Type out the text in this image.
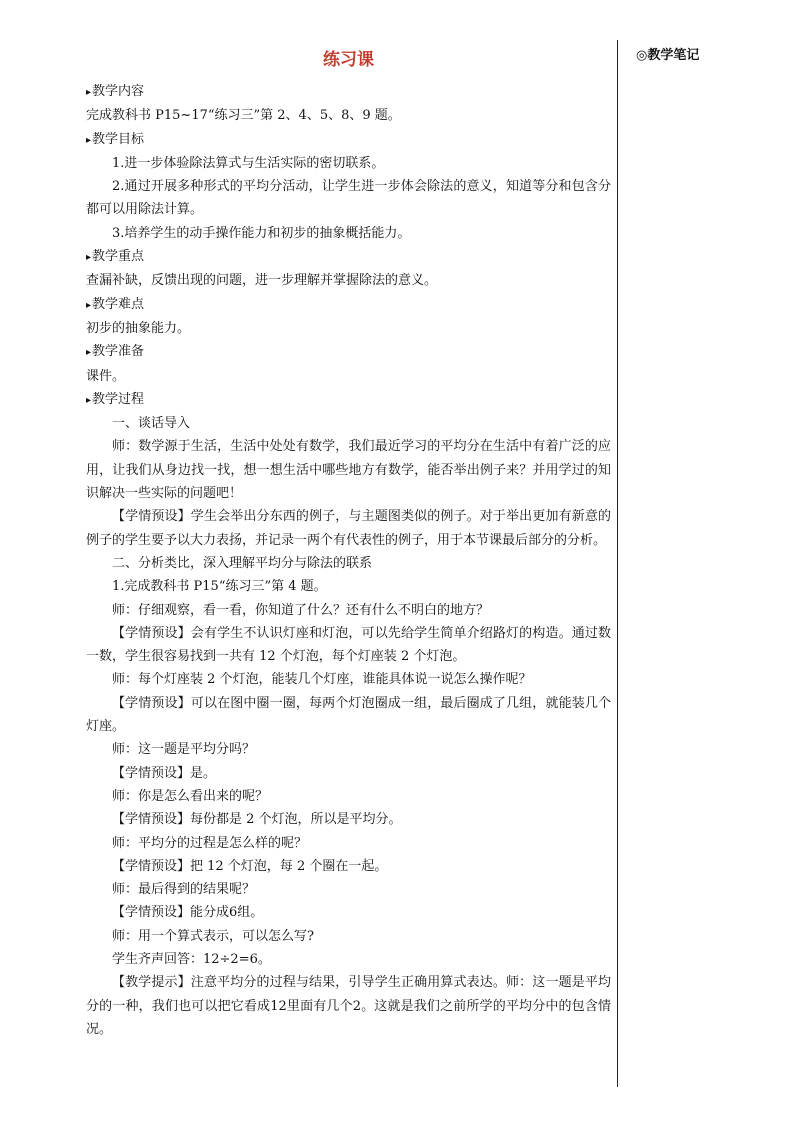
练习课
▸ 教学内容
完成教科书 P15~17“练习三”第 2、4、5、8、9 题。
▸ 教学目标
1.进一步体验除法算式与生活实际的密切联系。
2.通过开展多种形式的平均分活动，让学生进一步体会除法的意义，知道等分和包含分都可以用除法计算。
3.培养学生的动手操作能力和初步的抽象概括能力。
▸ 教学重点
查漏补缺，反馈出现的问题，进一步理解并掌握除法的意义。
▸ 教学难点
初步的抽象能力。
▸ 教学准备
课件。
▸ 教学过程
一、谈话导入
师：数学源于生活，生活中处处有数学，我们最近学习的平均分在生活中有着广泛的应用，让我们从身边找一找，想一想生活中哪些地方有数学，能否举出例子来？并用学过的知识解决一些实际的问题吧！
【学情预设】学生会举出分东西的例子，与主题图类似的例子。对于举出更加有新意的例子的学生要予以大力表扬，并记录一两个有代表性的例子，用于本节课最后部分的分析。
二、分析类比，深入理解平均分与除法的联系
1.完成教科书 P15“练习三”第 4 题。
师：仔细观察，看一看，你知道了什么？还有什么不明白的地方？
【学情预设】会有学生不认识灯座和灯泡，可以先给学生简单介绍路灯的构造。通过数一数，学生很容易找到一共有 12 个灯泡，每个灯座装 2 个灯泡。
师：每个灯座装 2 个灯泡，能装几个灯座，谁能具体说一说怎么操作呢？
【学情预设】可以在图中圈一圈，每两个灯泡圈成一组，最后圈成了几组，就能装几个灯座。
师：这一题是平均分吗？
【学情预设】是。
师：你是怎么看出来的呢？
【学情预设】每份都是 2 个灯泡，所以是平均分。
师：平均分的过程是怎么样的呢？
【学情预设】把 12 个灯泡，每 2 个圈在一起。
师：最后得到的结果呢？
【学情预设】能分成6组。
师：用一个算式表示，可以怎么写?
学生齐声回答：12÷2=6。
【教学提示】注意平均分的过程与结果，引导学生正确用算式表达。师：这一题是平均分的一种，我们也可以把它看成12里面有几个2。这就是我们之前所学的平均分中的包含情况。
◎教学笔记
